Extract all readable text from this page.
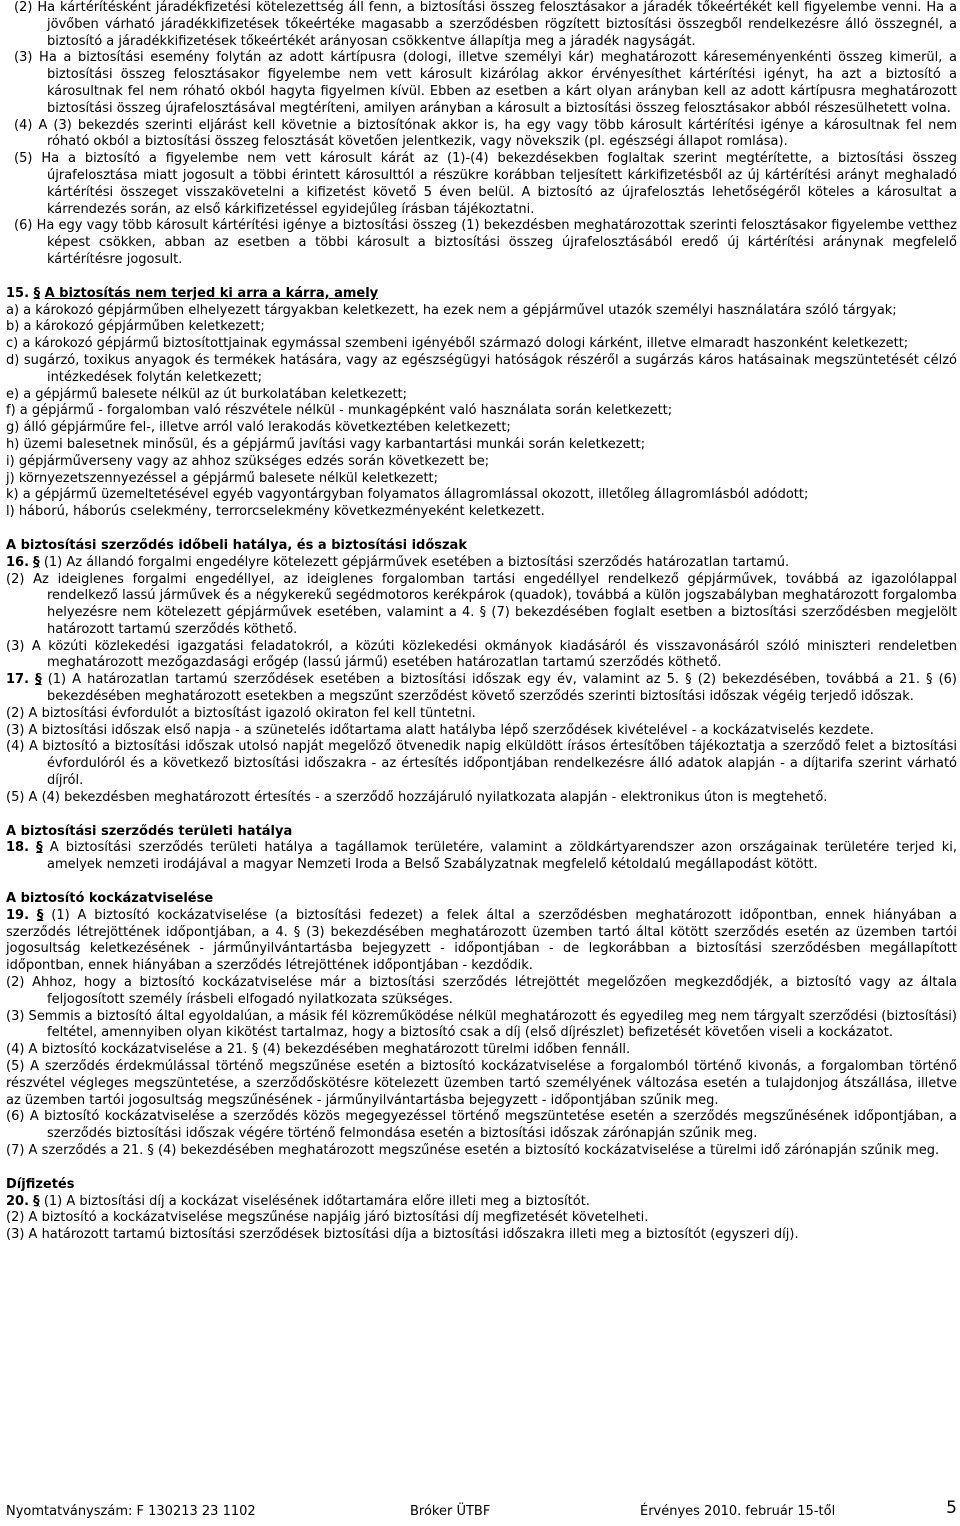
(2) Ha kártérítésként járadékfizetési kötelezettség áll fenn, a biztosítási összeg felosztásakor a járadék tőkeértékét kell figyelembe venni. Ha a jövőben várható járadékkifizetések tőkeértéke magasabb a szerződésben rögzített biztosítási összegből rendelkezésre álló összegnél, a biztosító a járadékkifizetések tőkeértékét arányosan csökkentve állapítja meg a járadék nagyságát.

(3) Ha a biztosítási esemény folytán az adott kártípusra (dologi, illetve személyi kár) meghatározott káreseményenkénti összeg kimerül, a biztosítási összeg felosztásakor figyelembe nem vett károsult kizárólag akkor érvényesíthet kártérítési igényt, ha azt a biztosító a károsultnak fel nem róható okból hagyta figyelmen kívül. Ebben az esetben a kárt olyan arányban kell az adott kártípusra meghatározott biztosítási összeg újrafelosztásával megtéríteni, amilyen arányban a károsult a biztosítási összeg felosztásakor abból részesülhetett volna.

(4) A (3) bekezdés szerinti eljárást kell követnie a biztosítónak akkor is, ha egy vagy több károsult kártérítési igénye a károsultnak fel nem róható okból a biztosítási összeg felosztását követően jelentkezik, vagy növekszik (pl. egészségi állapot romlása).

(5) Ha a biztosító a figyelembe nem vett károsult kárát az (1)-(4) bekezdésekben foglaltak szerint megtérítette, a biztosítási összeg újrafelosztása miatt jogosult a többi érintett károsulttól a részükre korábban teljesített kárkifizetésből az új kártérítési arányt meghaladó kártérítési összeget visszakövetelni a kifizetést követő 5 éven belül. A biztosító az újrafelosztás lehetőségéről köteles a károsultat a kárrendezés során, az első kárkifizetéssel egyidejűleg írásban tájékoztatni.

(6) Ha egy vagy több károsult kártérítési igénye a biztosítási összeg (1) bekezdésben meghatározottak szerinti felosztásakor figyelembe vetthez képest csökken, abban az esetben a többi károsult a biztosítási összeg újrafelosztásából eredő új kártérítési aránynak megfelelő kártérítésre jogosult.

15. § A biztosítás nem terjed ki arra a kárra, amely

a) a károkozó gépjárműben elhelyezett tárgyakban keletkezett, ha ezek nem a gépjárművel utazók személyi használatára szóló tárgyak;

b) a károkozó gépjárműben keletkezett;

c) a károkozó gépjármű biztosítottjainak egymással szembeni igényéből származó dologi kárként, illetve elmaradt haszonként keletkezett;

d) sugárzó, toxikus anyagok és termékek hatására, vagy az egészségügyi hatóságok részéről a sugárzás káros hatásainak megszüntetését célzó intézkedések folytán keletkezett;

e) a gépjármű balesete nélkül az út burkolatában keletkezett;

f) a gépjármű - forgalomban való részvétele nélkül - munkagépként való használata során keletkezett;

g) álló gépjárműre fel-, illetve arról való lerakodás következtében keletkezett;

h) üzemi balesetnek minősül, és a gépjármű javítási vagy karbantartási munkái során keletkezett;

i) gépjárműverseny vagy az ahhoz szükséges edzés során következett be;

j) környezetszennyezéssel a gépjármű balesete nélkül keletkezett;

k) a gépjármű üzemeltetésével egyéb vagyontárgyban folyamatos állagromlással okozott, illetőleg állagromlásból adódott;

l) háború, háborús cselekmény, terrorcselekmény következményeként keletkezett.

A biztosítási szerződés időbeli hatálya, és a biztosítási időszak

16. § (1) Az állandó forgalmi engedélyre kötelezett gépjárművek esetében a biztosítási szerződés határozatlan tartamú.

(2) Az ideiglenes forgalmi engedéllyel, az ideiglenes forgalomban tartási engedéllyel rendelkező gépjárművek, továbbá az igazolólappal rendelkező lassú járművek és a négykerekű segédmotoros kerékpárok (quadok), továbbá a külön jogszabályban meghatározott forgalomba helyezésre nem kötelezett gépjárművek esetében, valamint a 4. § (7) bekezdésében foglalt esetben a biztosítási szerződésben megjelölt határozott tartamú szerződés köthető.

(3) A közúti közlekedési igazgatási feladatokról, a közúti közlekedési okmányok kiadásáról és visszavonásáról szóló miniszteri rendeletben meghatározott mezőgazdasági erőgép (lassú jármű) esetében határozatlan tartamú szerződés köthető.

17. § (1) A határozatlan tartamú szerződések esetében a biztosítási időszak egy év, valamint az 5. § (2) bekezdésében, továbbá a 21. § (6) bekezdésében meghatározott esetekben a megszűnt szerződést követő szerződés szerinti biztosítási időszak végéig terjedő időszak.

(2) A biztosítási évfordulót a biztosítást igazoló okiraton fel kell tüntetni.

(3) A biztosítási időszak első napja - a szünetelés időtartama alatt hatályba lépő szerződések kivételével - a kockázatviselés kezdete.

(4) A biztosító a biztosítási időszak utolsó napját megelőző ötvenedik napig elküldött írásos értesítőben tájékoztatja a szerződő felet a biztosítási évfordulóról és a következő biztosítási időszakra - az értesítés időpontjában rendelkezésre álló adatok alapján - a díjtarifa szerint várható díjról.

(5) A (4) bekezdésben meghatározott értesítés - a szerződő hozzájáruló nyilatkozata alapján - elektronikus úton is megtehető.

A biztosítási szerződés területi hatálya

18. § A biztosítási szerződés területi hatálya a tagállamok területére, valamint a zöldkártyarendszer azon országainak területére terjed ki, amelyek nemzeti irodájával a magyar Nemzeti Iroda a Belső Szabályzatnak megfelelő kétoldalú megállapodást kötött.

A biztosító kockázatviselése

19. § (1) A biztosító kockázatviselése (a biztosítási fedezet) a felek által a szerződésben meghatározott időpontban, ennek hiányában a szerződés létrejöttének időpontjában, a 4. § (3) bekezdésében meghatározott üzemben tartó által kötött szerződés esetén az üzemben tartói jogosultság keletkezésének - járműnyilvántartásba bejegyzett - időpontjában - de legkorábban a biztosítási szerződésben megállapított időpontban, ennek hiányában a szerződés létrejöttének időpontjában - kezdődik.

(2) Ahhoz, hogy a biztosító kockázatviselése már a biztosítási szerződés létrejöttét megelőzően megkezdődjék, a biztosító vagy az általa feljogosított személy írásbeli elfogadó nyilatkozata szükséges.

(3) Semmis a biztosító által egyoldalúan, a másik fél közreműködése nélkül meghatározott és egyedileg meg nem tárgyalt szerződési (biztosítási) feltétel, amennyiben olyan kikötést tartalmaz, hogy a biztosító csak a díj (első díjrészlet) befizetését követően viseli a kockázatot.

(4) A biztosító kockázatviselése a 21. § (4) bekezdésében meghatározott türelmi időben fennáll.

(5) A szerződés érdekmúlással történő megszűnése esetén a biztosító kockázatviselése a forgalomból történő kivonás, a forgalomban történő részvétel végleges megszüntetése, a szerződőskötésre kötelezett üzemben tartó személyének változása esetén a tulajdonjog átszállása, illetve az üzemben tartói jogosultság megszűnésének - járműnyilvántartásba bejegyzett - időpontjában szűnik meg.

(6) A biztosító kockázatviselése a szerződés közös megegyezéssel történő megszüntetése esetén a szerződés megszűnésének időpontjában, a szerződés biztosítási időszak végére történő felmondása esetén a biztosítási időszak zárónapján szűnik meg.

(7) A szerződés a 21. § (4) bekezdésében meghatározott megszűnése esetén a biztosító kockázatviselése a türelmi idő zárónapján szűnik meg.

Díjfizetés

20. § (1) A biztosítási díj a kockázat viselésének időtartamára előre illeti meg a biztosítót.

(2) A biztosító a kockázatviselése megszűnése napjáig járó biztosítási díj megfizetését követelheti.

(3) A határozott tartamú biztosítási szerződések biztosítási díja a biztosítási időszakra illeti meg a biztosítót (egyszeri díj).

Nyomtatványszám: F 130213 23 1102	Bróker ÜTBF	Érvényes 2010. február 15-től	5
